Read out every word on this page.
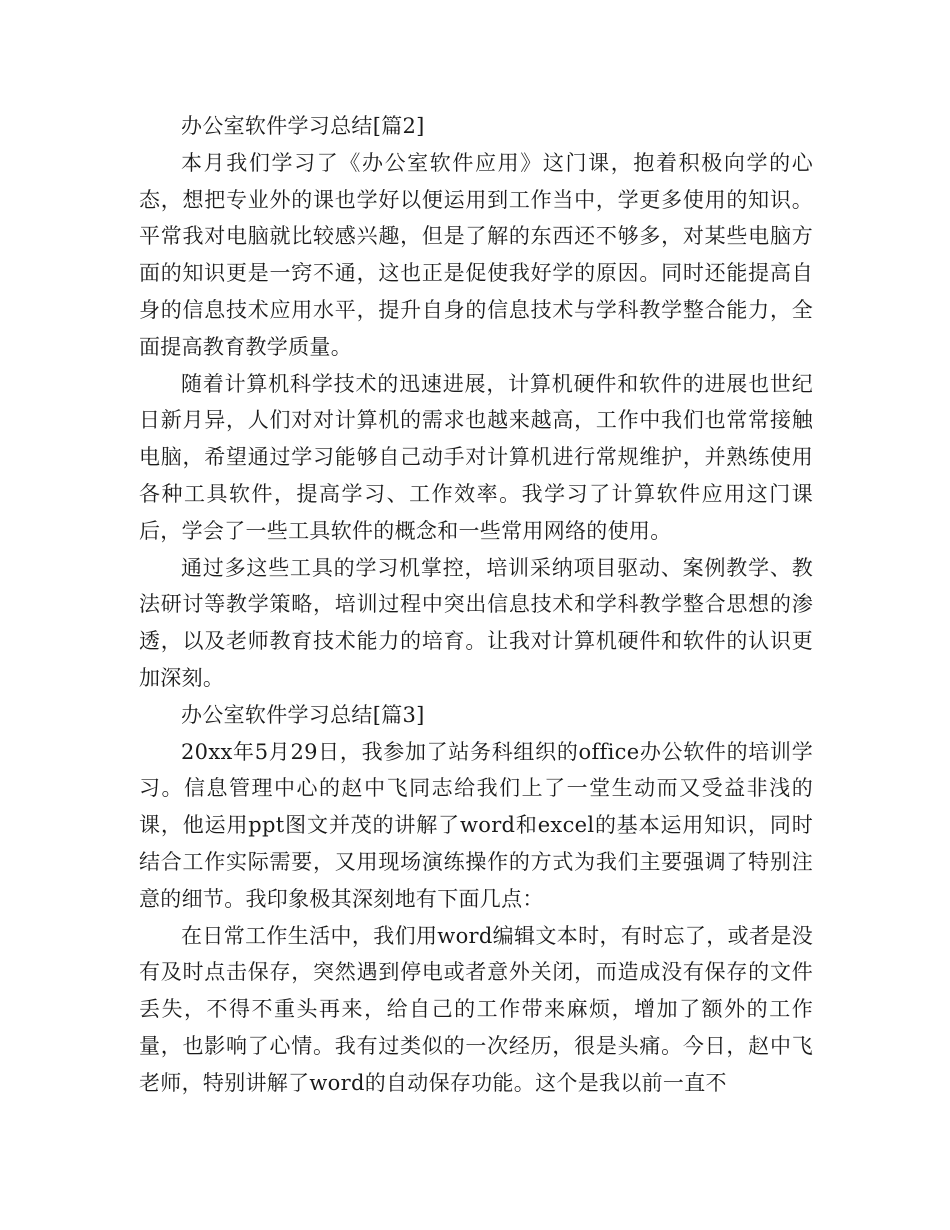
办公室软件学习总结[篇2]

本月我们学习了《办公室软件应用》这门课，抱着积极向学的心态，想把专业外的课也学好以便运用到工作当中，学更多使用的知识。平常我对电脑就比较感兴趣，但是了解的东西还不够多，对某些电脑方面的知识更是一窍不通，这也正是促使我好学的原因。同时还能提高自身的信息技术应用水平，提升自身的信息技术与学科教学整合能力，全面提高教育教学质量。

随着计算机科学技术的迅速进展，计算机硬件和软件的进展也世纪日新月异，人们对对计算机的需求也越来越高，工作中我们也常常接触电脑，希望通过学习能够自己动手对计算机进行常规维护，并熟练使用各种工具软件，提高学习、工作效率。我学习了计算软件应用这门课后，学会了一些工具软件的概念和一些常用网络的使用。

通过多这些工具的学习机掌控，培训采纳项目驱动、案例教学、教法研讨等教学策略，培训过程中突出信息技术和学科教学整合思想的渗透，以及老师教育技术能力的培育。让我对计算机硬件和软件的认识更加深刻。

办公室软件学习总结[篇3]

20xx年5月29日，我参加了站务科组织的office办公软件的培训学习。信息管理中心的赵中飞同志给我们上了一堂生动而又受益非浅的课，他运用ppt图文并茂的讲解了word和excel的基本运用知识，同时结合工作实际需要，又用现场演练操作的方式为我们主要强调了特别注意的细节。我印象极其深刻地有下面几点：

在日常工作生活中，我们用word编辑文本时，有时忘了，或者是没有及时点击保存，突然遇到停电或者意外关闭，而造成没有保存的文件丢失，不得不重头再来，给自己的工作带来麻烦，增加了额外的工作量，也影响了心情。我有过类似的一次经历，很是头痛。今日，赵中飞老师，特别讲解了word的自动保存功能。这个是我以前一直不
